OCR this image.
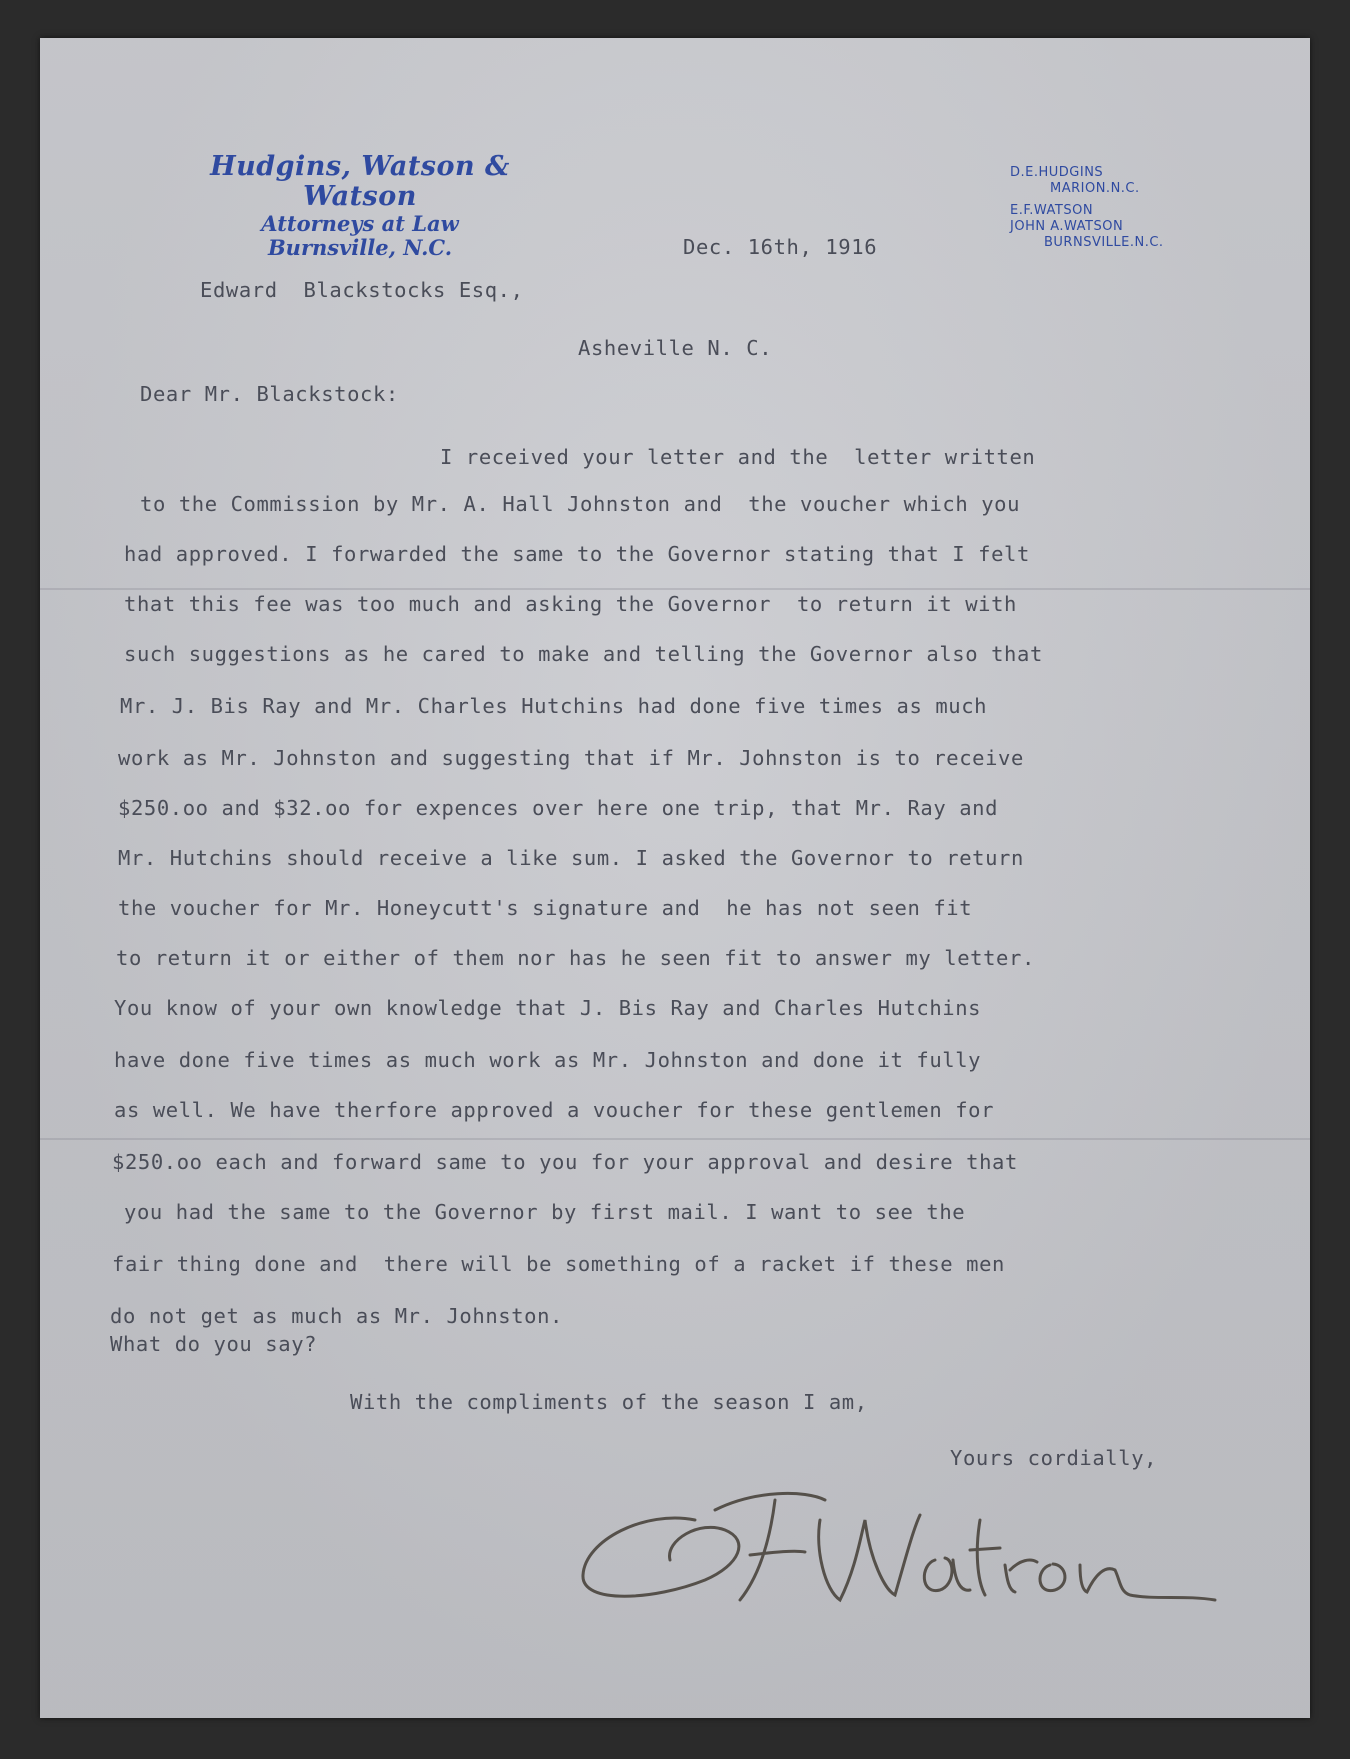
Hudgins, Watson & Watson
Attorneys at Law
Burnsville, N.C.
D.E.HUDGINS
MARION.N.C.
E.F.WATSON
JOHN A.WATSON
BURNSVILLE.N.C.
Dec. 16th, 1916
Edward  Blackstocks Esq.,
Asheville N. C.
Dear Mr. Blackstock:
I received your letter and the  letter written
to the Commission by Mr. A. Hall Johnston and  the voucher which you
had approved. I forwarded the same to the Governor stating that I felt
that this fee was too much and asking the Governor  to return it with
such suggestions as he cared to make and telling the Governor also that
Mr. J. Bis Ray and Mr. Charles Hutchins had done five times as much
work as Mr. Johnston and suggesting that if Mr. Johnston is to receive
$250.oo and $32.oo for expences over here one trip, that Mr. Ray and
Mr. Hutchins should receive a like sum. I asked the Governor to return
the voucher for Mr. Honeycutt's signature and  he has not seen fit
to return it or either of them nor has he seen fit to answer my letter.
You know of your own knowledge that J. Bis Ray and Charles Hutchins
have done five times as much work as Mr. Johnston and done it fully
as well. We have therfore approved a voucher for these gentlemen for
$250.oo each and forward same to you for your approval and desire that
you had the same to the Governor by first mail. I want to see the
fair thing done and  there will be something of a racket if these men
do not get as much as Mr. Johnston.
What do you say?
With the compliments of the season I am,
Yours cordially,
E. F. Watson
